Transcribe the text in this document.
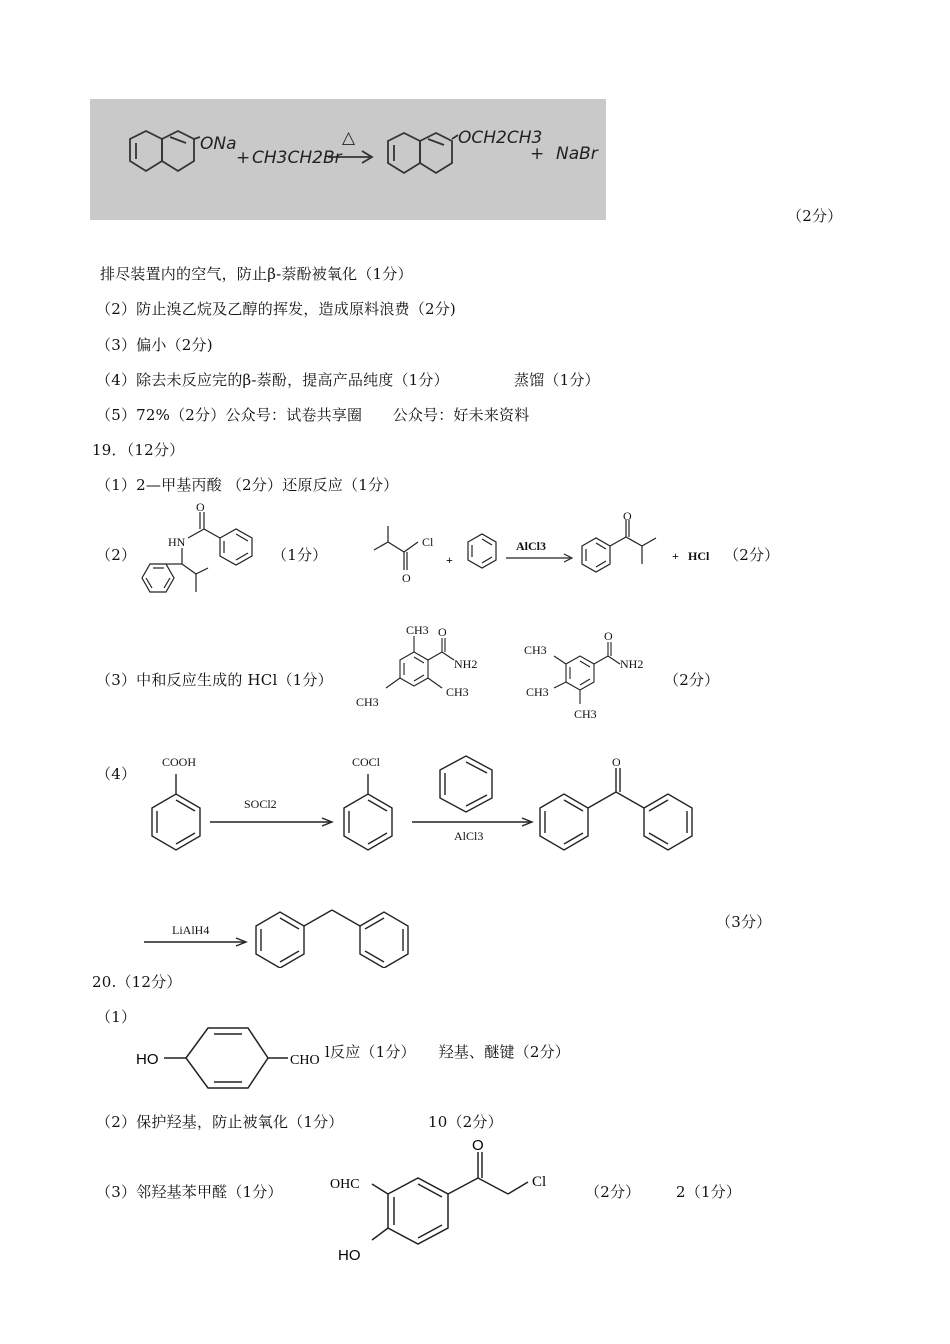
ONa
+ CH3CH2Br
△	OCH2CH3
+ NaBr
（2分）
排尽装置内的空气，防止β-萘酚被氧化（1分）
（2）防止溴乙烷及乙醇的挥发，造成原料浪费（2分)
（3）偏小（2分)
（4）除去未反应完的β-萘酚，提高产品纯度（1分）	蒸馏（1分）
（5）72%（2分）公众号：试卷共享圈　　公众号：好未来资料
19．（12分）
（1）2—甲基丙酸 （2分）还原反应（1分）
（2）
O
HN
（1分）
Cl
O
+
AlCl3
O
+ HCl （2分）
（3）中和反应生成的 HCl（1分）
CH3 O
NH2
CH3
CH3
O
CH3
NH2
CH3
CH3
（2分）
（4）
COOH
SOCl2
COCl
AlCl3
O
LiAlH4	（3分）
20.（12分）
（1）
HO	CHO l反应（1分）　　羟基、醚键（2分）
（2）保护羟基，防止被氧化（1分）	10（2分）
（3）邻羟基苯甲醛（1分）	OHC
O
Cl
HO
（2分） 2（1分）
